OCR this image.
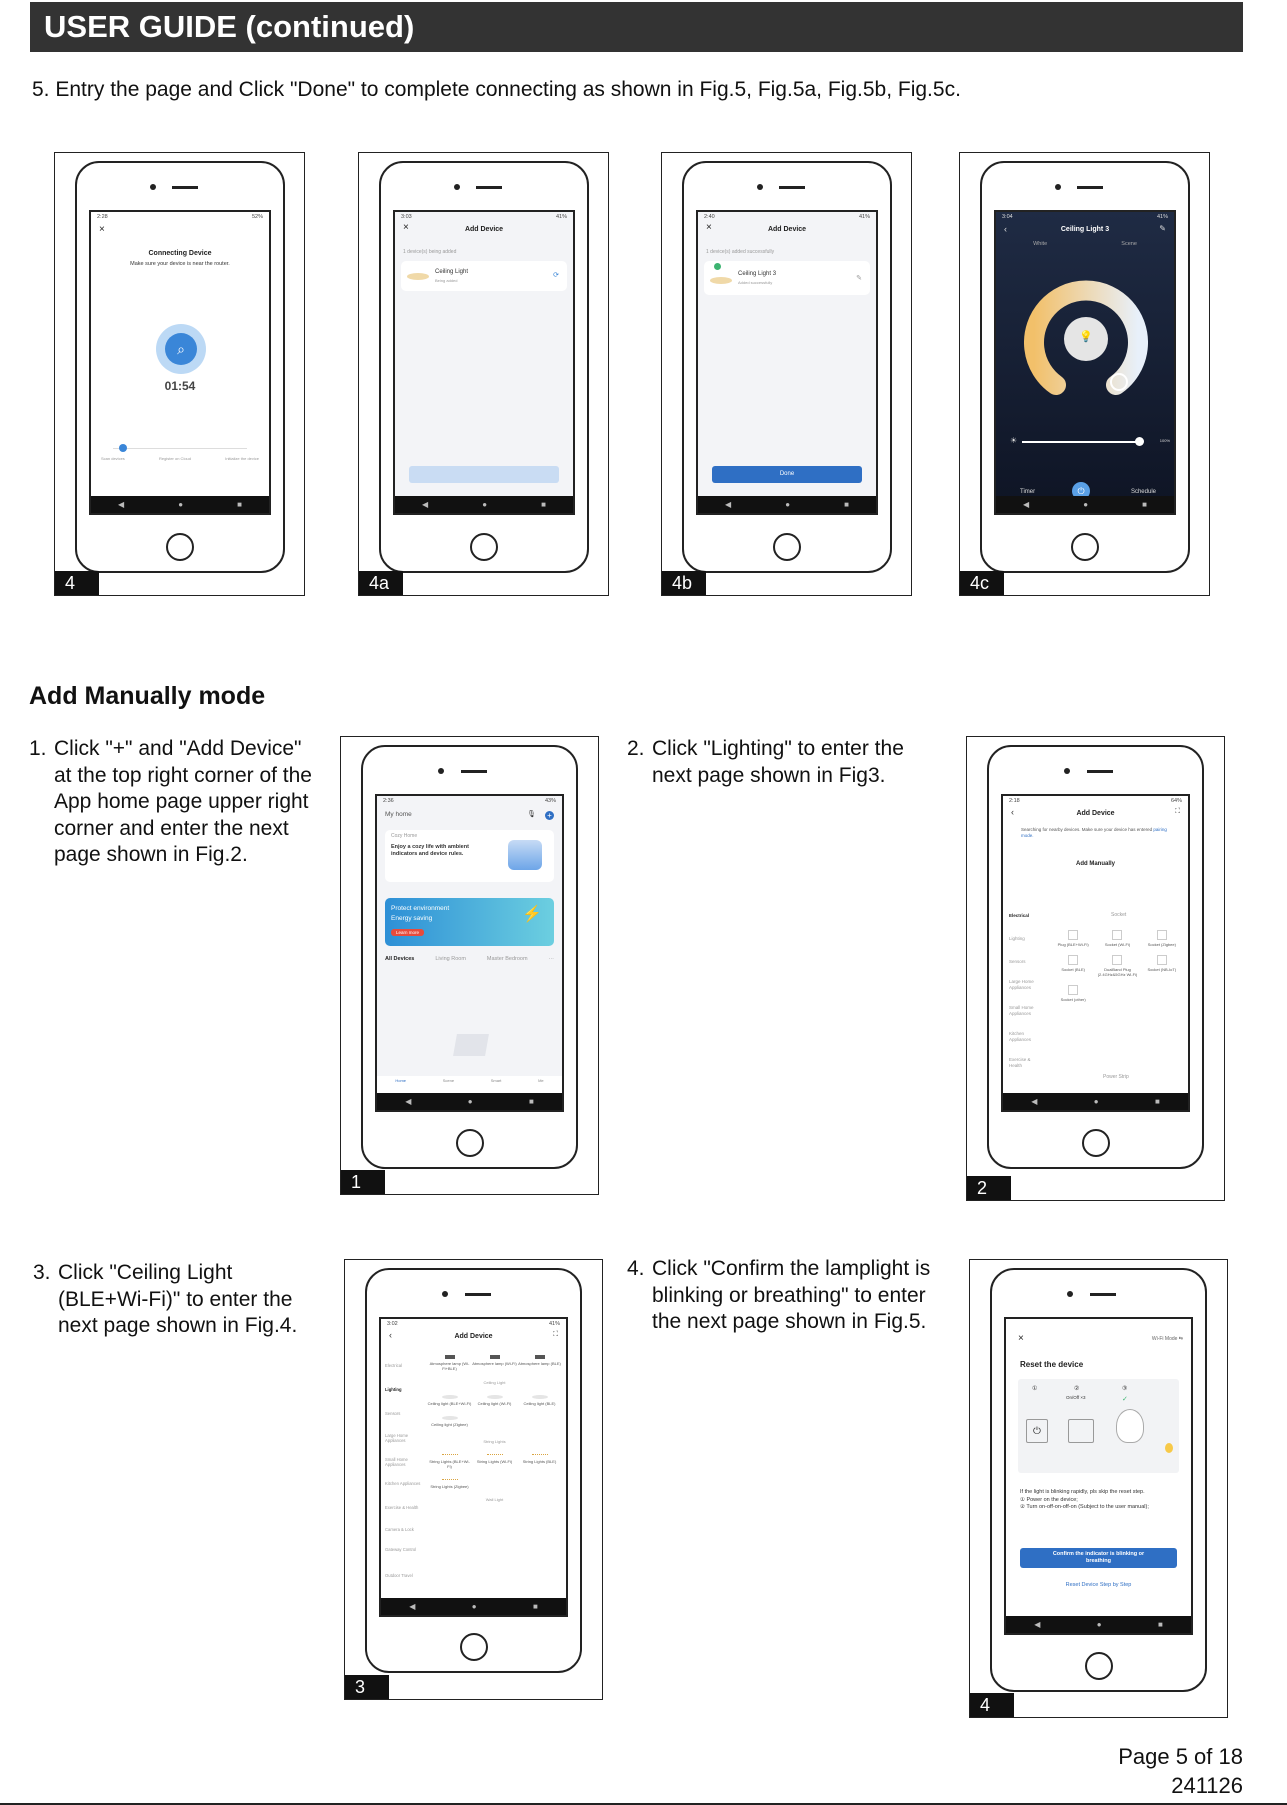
USER GUIDE (continued)
5. Entry the page and Click "Done" to complete connecting as shown in Fig.5, Fig.5a, Fig.5b, Fig.5c.
2:28	52%
×
Connecting Device
Make sure your device is near the router.
⌕
01:54
Scan devices	Register on Cloud	Initialize the device
◀	●	■
4
3:03	41%
×	Add Device
1 device(s) being added
Ceiling Light
Being added
⟳
◀	●	■
4a
2:40	41%
×	Add Device
1 device(s) added successfully
Ceiling Light 3
Added successfully
✎
Done
◀	●	■
4b
3:04	41%
‹	✎
Ceiling Light 3
White	Scene
💡
☀	100%
Timer	⏻	Schedule
◀	●	■
4c
Add Manually mode
1. Click "+" and "Add Device"
at the top right corner of the
App home page upper right
corner and enter the next
page shown in Fig.2.
2. Click "Lighting" to enter the
next page shown in Fig3.
3. Click "Ceiling Light
(BLE+Wi-Fi)" to enter the
next page shown in Fig.4.
4. Click "Confirm the lamplight is
blinking or breathing" to enter
the next page shown in Fig.5.
2:36	43%
My home	🎙 +
Cozy Home
Enjoy a cozy life with ambient indicators and device rules.
Protect environment
Energy saving
Learn more
⚡
All Devices	Living Room	Master Bedroom	···
Home	Scene	Smart	Me
◀	●	■
1
2:18	64%
‹	⛶
Add Device
Searching for nearby devices. Make sure your device has entered pairing mode.
Add Manually
Electrical
Lighting
Sensors
Large Home Appliances
Small Home Appliances
Kitchen Appliances
Exercise & Health
Socket
Plug (BLE+Wi-Fi)	Socket (Wi-Fi)	Socket (Zigbee)
Socket (BLE)	DualBand Plug (2.4GHz&5GHz Wi-Fi)
Socket (NB-IoT)
Socket (other)
Power Strip
◀	●	■
2
3:02	41%
‹	⛶
Add Device
Electrical
Lighting
Sensors
Large Home Appliances
Small Home Appliances
Kitchen Appliances
Exercise & Health
Camera & Lock
Gateway Control
Outdoor Travel
Atmosphere lamp (Wi-Fi+BLE)
Atmosphere lamp (Wi-Fi) Atmosphere lamp (BLE)
Ceiling Light
Ceiling light (BLE+Wi-Fi)	Ceiling light (Wi-Fi)	Ceiling light (BLE)
Ceiling light (Zigbee)
String Lights
String Lights (BLE+Wi-Fi)
String Lights (Wi-Fi)	String Lights (BLE)
String Lights (Zigbee)
Wall Light
◀	●	■
3
×	Wi-Fi Mode ⇆
Reset the device
①	②
On/Off ×3
③
✓
⏻
If the light is blinking rapidly, pls skip the reset step.
① Power on the device;
② Turn on-off-on-off-on (Subject to the user manual);
Confirm the indicator is blinking or breathing
Reset Device Step by Step
◀	●	■
4
Page 5 of 18
241126
